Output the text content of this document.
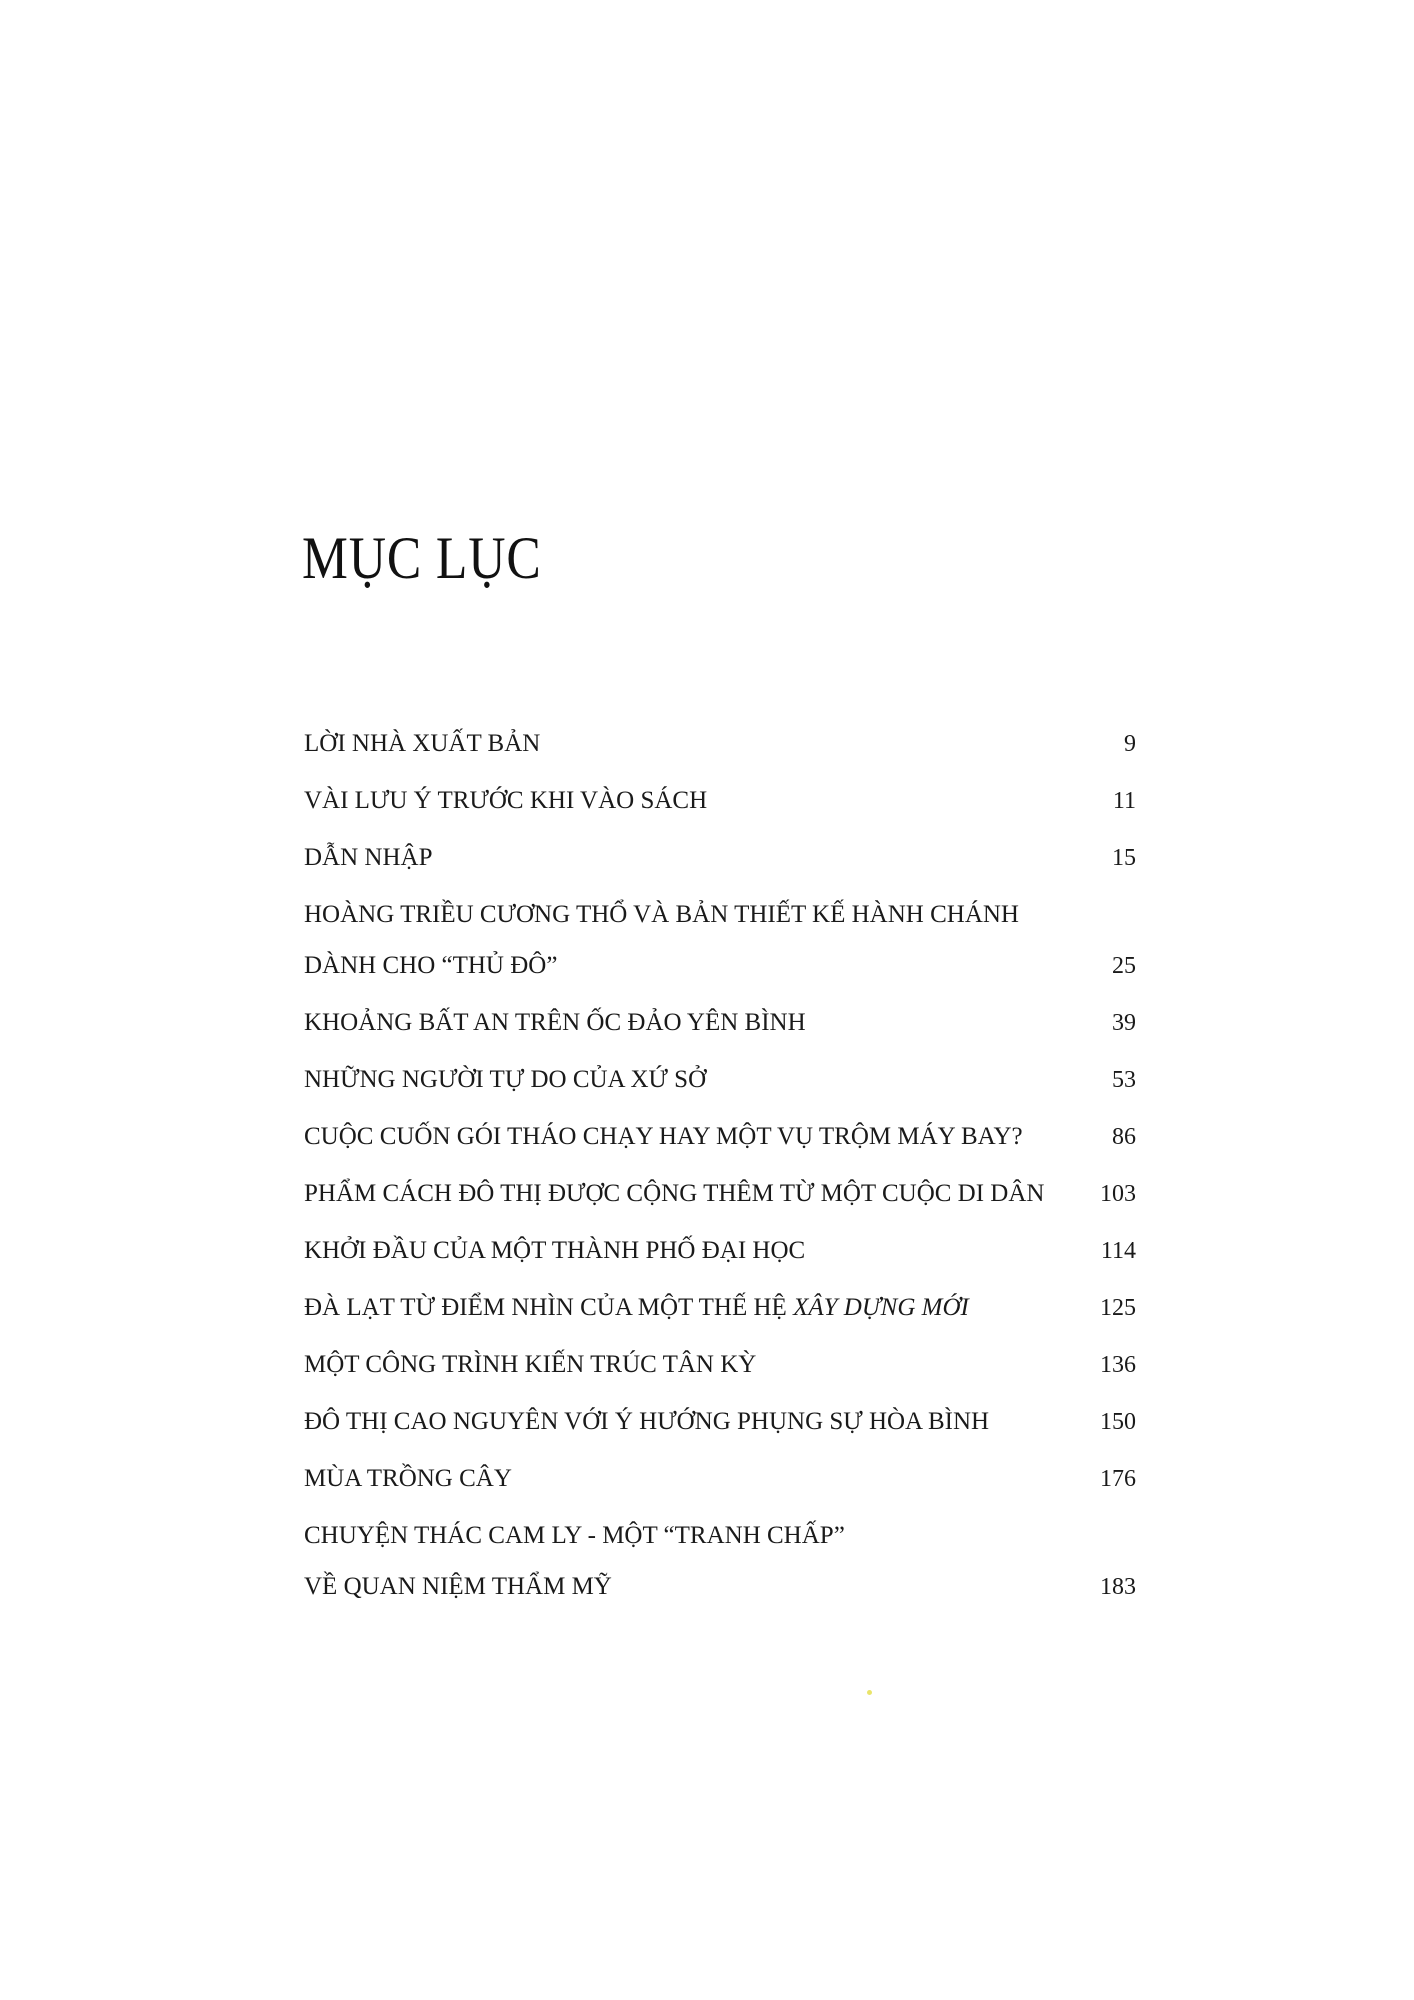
MỤC LỤC
LỜI NHÀ XUẤT BẢN	9
VÀI LƯU Ý TRƯỚC KHI VÀO SÁCH	11
DẪN NHẬP	15
HOÀNG TRIỀU CƯƠNG THỔ VÀ BẢN THIẾT KẾ HÀNH CHÁNH
DÀNH CHO “THỦ ĐÔ”	25
KHOẢNG BẤT AN TRÊN ỐC ĐẢO YÊN BÌNH	39
NHỮNG NGƯỜI TỰ DO CỦA XỨ SỞ	53
CUỘC CUỐN GÓI THÁO CHẠY HAY MỘT VỤ TRỘM MÁY BAY?	86
PHẨM CÁCH ĐÔ THỊ ĐƯỢC CỘNG THÊM TỪ MỘT CUỘC DI DÂN 103
KHỞI ĐẦU CỦA MỘT THÀNH PHỐ ĐẠI HỌC	114
ĐÀ LẠT TỪ ĐIỂM NHÌN CỦA MỘT THẾ HỆ XÂY DỰNG MỚI	125
MỘT CÔNG TRÌNH KIẾN TRÚC TÂN KỲ	136
ĐÔ THỊ CAO NGUYÊN VỚI Ý HƯỚNG PHỤNG SỰ HÒA BÌNH	150
MÙA TRỒNG CÂY	176
CHUYỆN THÁC CAM LY - MỘT “TRANH CHẤP”
VỀ QUAN NIỆM THẨM MỸ	183
